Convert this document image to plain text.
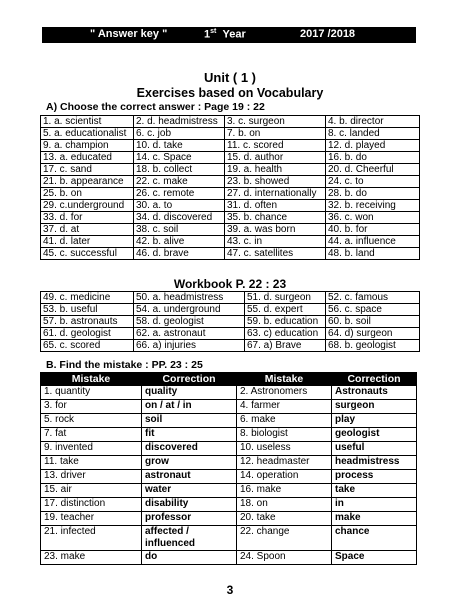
" Answer key "	1st Year	2017 /2018
Unit ( 1 )
Exercises based on Vocabulary
A) Choose the correct answer : Page 19 : 22
1. a. scientist	2. d. headmistress	3. c. surgeon	4. b. director
5. a. educationalist	6. c. job	7. b. on	8. c. landed
9. a. champion	10. d. take	11. c. scored	12. d. played
13. a. educated	14. c. Space	15. d. author	16. b. do
17. c. sand	18. b. collect	19. a. health	20. d. Cheerful
21. b. appearance	22. c. make	23. b. showed	24. c. to
25. b. on	26. c. remote	27. d. internationally	28. b. do
29. c.underground	30. a. to	31. d. often	32. b. receiving
33. d. for	34. d. discovered	35. b. chance	36. c. won
37. d. at	38. c. soil	39. a. was born	40. b. for
41. d. later	42. b. alive	43. c. in	44. a. influence
45. c. successful	46. d. brave	47. c. satellites	48. b. land
Workbook P. 22 : 23
49. c. medicine	50. a. headmistress	51. d. surgeon	52. c. famous
53. b. useful	54. a. underground	55. d. expert	56. c. space
57. b. astronauts	58. d. geologist	59. b. education	60. b. soil
61. d. geologist	62. a. astronaut	63. c) education	64. d) surgeon
65. c. scored	66. a) injuries	67. a) Brave	68. b. geologist
B. Find the mistake : PP. 23 : 25
Mistake	Correction	Mistake	Correction
1. quantity	quality	2. Astronomers	Astronauts
3. for	on / at / in	4. farmer	surgeon
5. rock	soil	6. make	play
7. fat	fit	8. biologist	geologist
9. invented	discovered	10. useless	useful
11. take	grow	12. headmaster	headmistress
13. driver	astronaut	14. operation	process
15. air	water	16. make	take
17. distinction	disability	18. on	in
19. teacher	professor	20. take	make
21. infected	affected / influenced	22. change	chance
23. make	do	24. Spoon	Space
3
